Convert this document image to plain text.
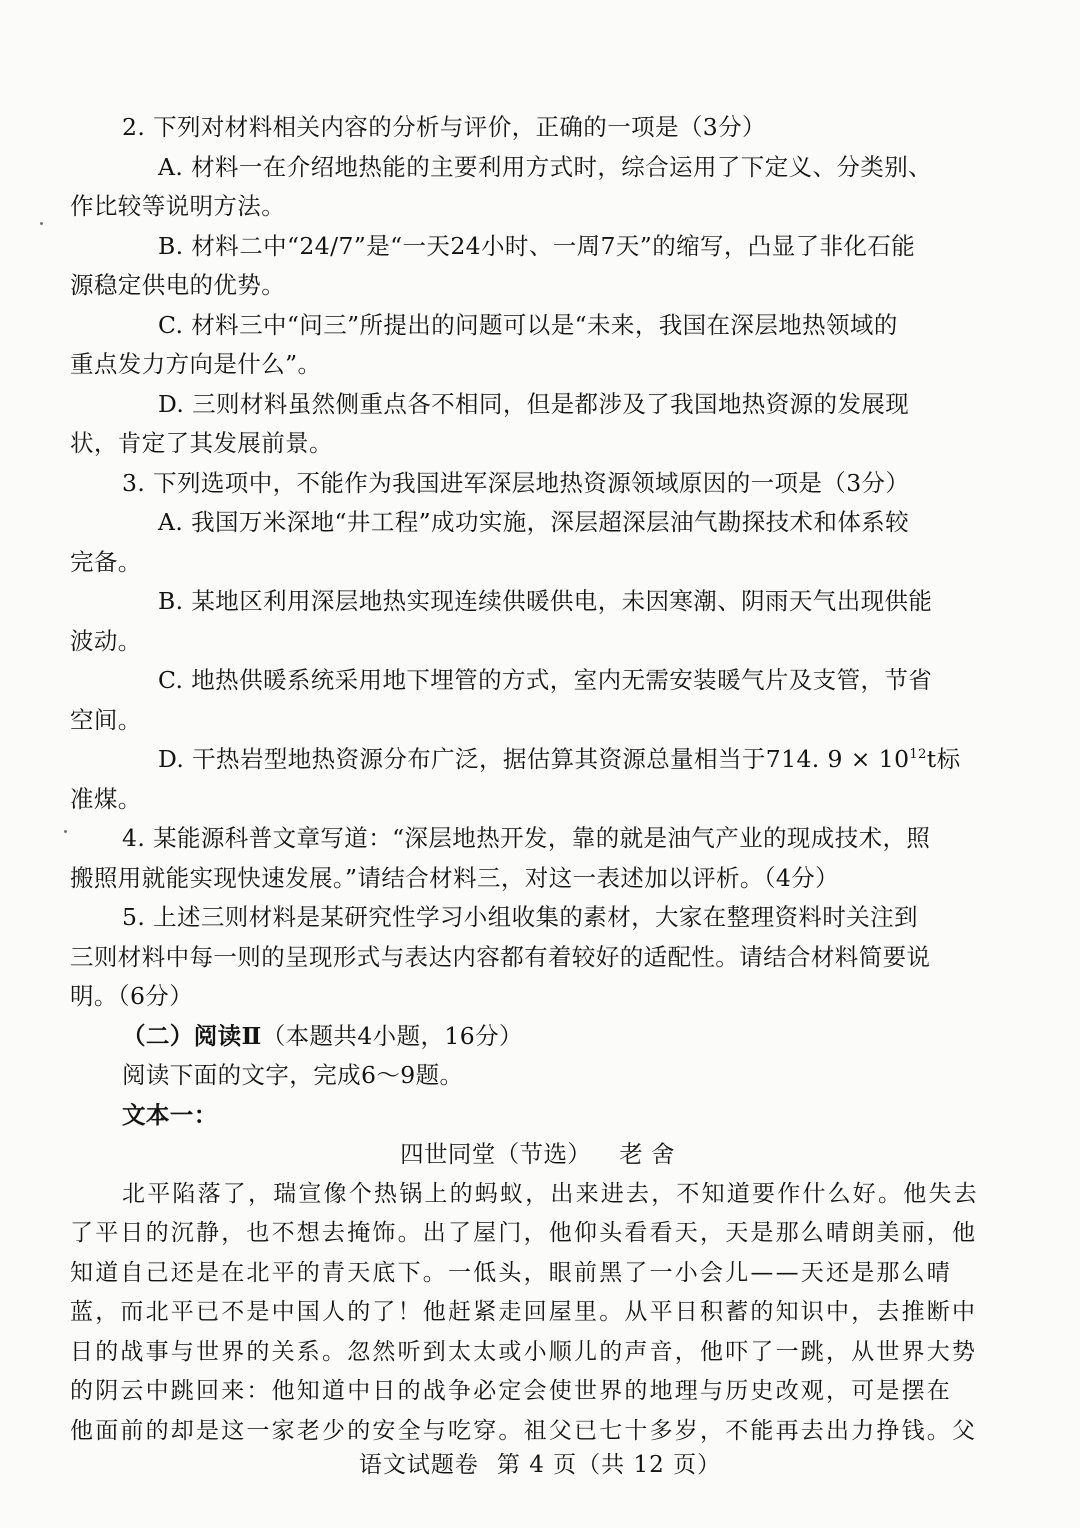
2. 下列对材料相关内容的分析与评价，正确的一项是（3分）
A. 材料一在介绍地热能的主要利用方式时，综合运用了下定义、分类别、
作比较等说明方法。
B. 材料二中“24/7”是“一天24小时、一周7天”的缩写，凸显了非化石能
源稳定供电的优势。
C. 材料三中“问三”所提出的问题可以是“未来，我国在深层地热领域的
重点发力方向是什么”。
D. 三则材料虽然侧重点各不相同，但是都涉及了我国地热资源的发展现
状，肯定了其发展前景。
3. 下列选项中，不能作为我国进军深层地热资源领域原因的一项是（3分）
A. 我国万米深地“井工程”成功实施，深层超深层油气勘探技术和体系较
完备。
B. 某地区利用深层地热实现连续供暖供电，未因寒潮、阴雨天气出现供能
波动。
C. 地热供暖系统采用地下埋管的方式，室内无需安装暖气片及支管，节省
空间。
D. 干热岩型地热资源分布广泛，据估算其资源总量相当于714. $9 \times 10^{12}t$标
准煤。
4. 某能源科普文章写道：“深层地热开发，靠的就是油气产业的现成技术，照
搬照用就能实现快速发展。”请结合材料三，对这一表述加以评析。（4分）
5. 上述三则材料是某研究性学习小组收集的素材，大家在整理资料时关注到
三则材料中每一则的呈现形式与表达内容都有着较好的适配性。请结合材料简要说
明。（6分）
（二）阅读Ⅱ（本题共4小题，16分）
阅读下面的文字，完成6～9题。
文本一：
四世同堂（节选） 老 舍
北平陷落了，瑞宣像个热锅上的蚂蚁，出来进去，不知道要作什么好。他失去
了平日的沉静，也不想去掩饰。出了屋门，他仰头看看天，天是那么晴朗美丽，他
知道自己还是在北平的青天底下。一低头，眼前黑了一小会儿——天还是那么晴
蓝，而北平已不是中国人的了！他赶紧走回屋里。从平日积蓄的知识中，去推断中
日的战事与世界的关系。忽然听到太太或小顺儿的声音，他吓了一跳，从世界大势
的阴云中跳回来：他知道中日的战争必定会使世界的地理与历史改观，可是摆在
他面前的却是这一家老少的安全与吃穿。祖父已七十多岁，不能再去出力挣钱。父
语文试题卷 第 4 页（共 12 页）
